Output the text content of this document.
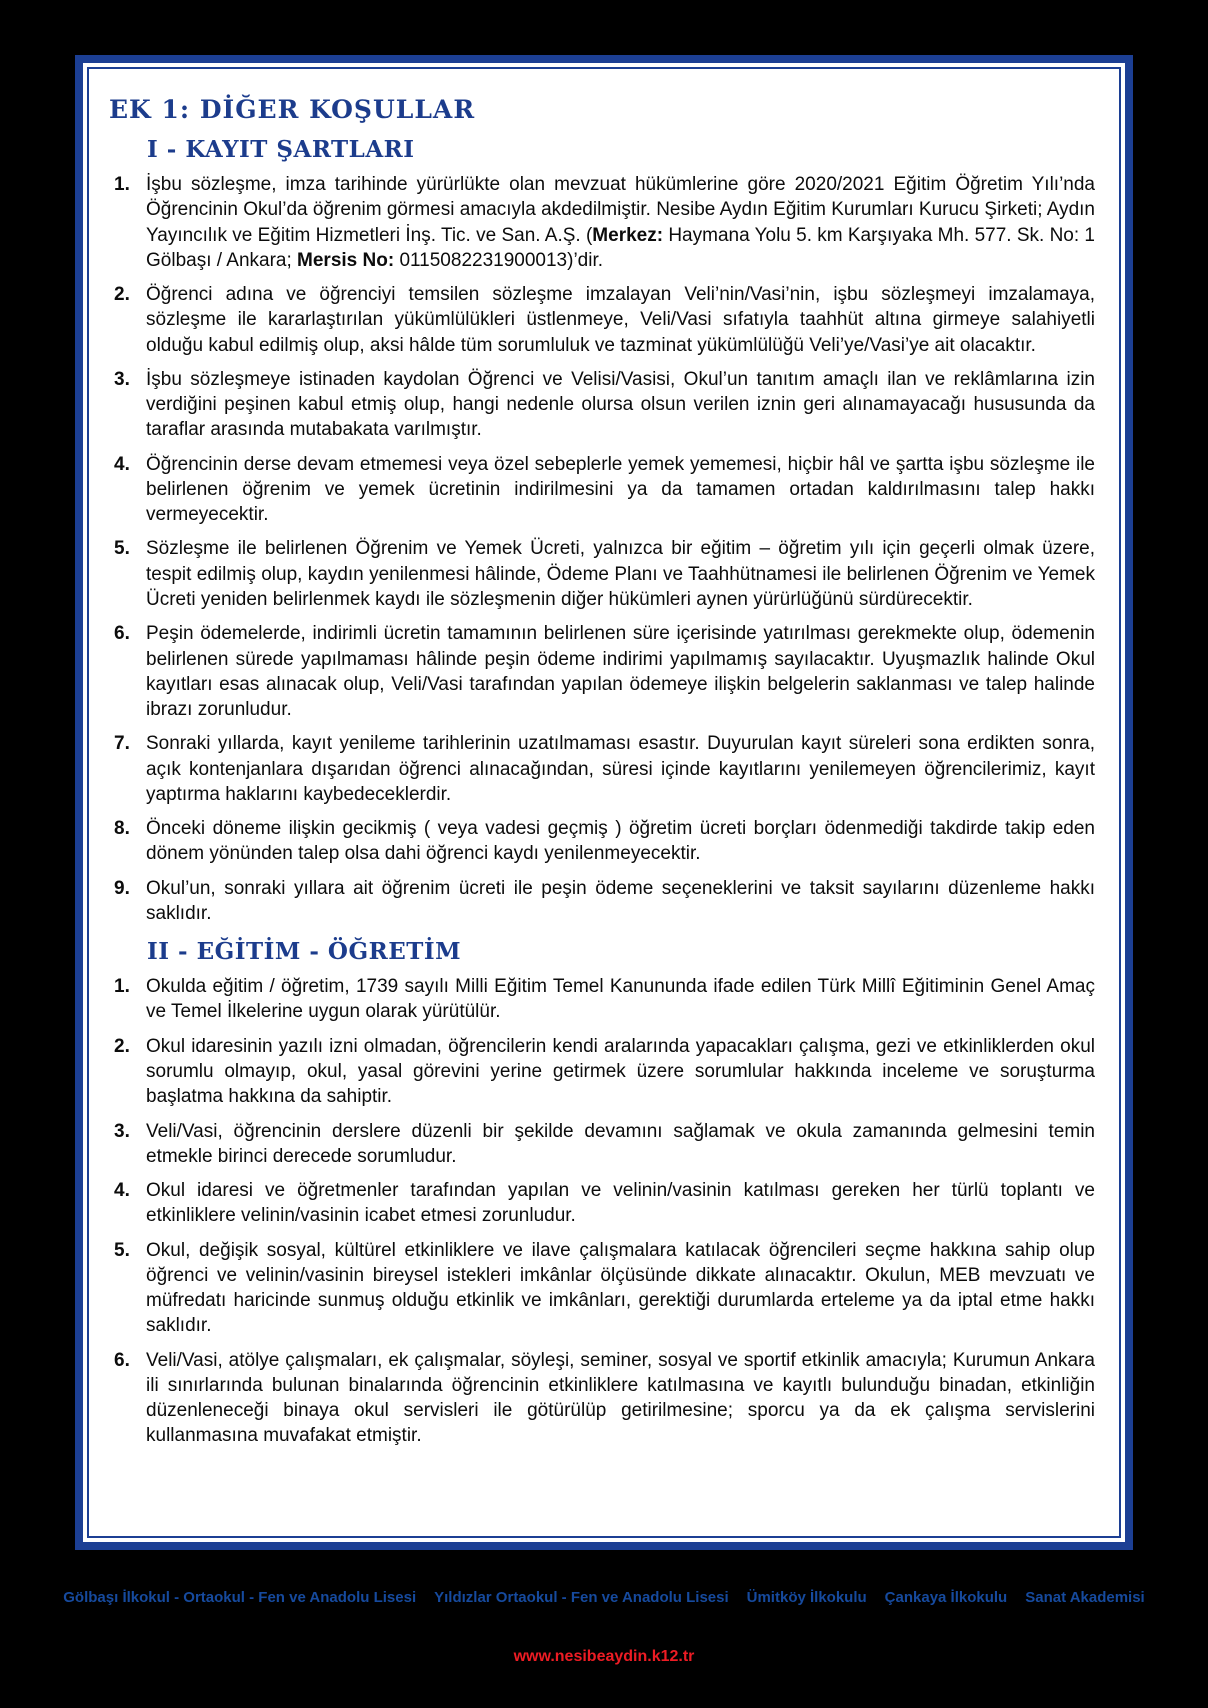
EK 1: DİĞER KOŞULLAR
I - KAYIT ŞARTLARI
1. İşbu sözleşme, imza tarihinde yürürlükte olan mevzuat hükümlerine göre 2020/2021 Eğitim Öğretim Yılı’nda Öğrencinin Okul’da öğrenim görmesi amacıyla akdedilmiştir. Nesibe Aydın Eğitim Kurumları Kurucu Şirketi; Aydın Yayıncılık ve Eğitim Hizmetleri İnş. Tic. ve San. A.Ş. (Merkez: Haymana Yolu 5. km Karşıyaka Mh. 577. Sk. No: 1 Gölbaşı / Ankara; Mersis No: 0115082231900013)’dir.
2. Öğrenci adına ve öğrenciyi temsilen sözleşme imzalayan Veli’nin/Vasi’nin, işbu sözleşmeyi imzalamaya, sözleşme ile kararlaştırılan yükümlülükleri üstlenmeye, Veli/Vasi sıfatıyla taahhüt altına girmeye salahiyetli olduğu kabul edilmiş olup, aksi hâlde tüm sorumluluk ve tazminat yükümlülüğü Veli’ye/Vasi’ye ait olacaktır.
3. İşbu sözleşmeye istinaden kaydolan Öğrenci ve Velisi/Vasisi, Okul’un tanıtım amaçlı ilan ve reklâmlarına izin verdiğini peşinen kabul etmiş olup, hangi nedenle olursa olsun verilen iznin geri alınamayacağı hususunda da taraflar arasında mutabakata varılmıştır.
4. Öğrencinin derse devam etmemesi veya özel sebeplerle yemek yememesi, hiçbir hâl ve şartta işbu sözleşme ile belirlenen öğrenim ve yemek ücretinin indirilmesini ya da tamamen ortadan kaldırılmasını talep hakkı vermeyecektir.
5. Sözleşme ile belirlenen Öğrenim ve Yemek Ücreti, yalnızca bir eğitim – öğretim yılı için geçerli olmak üzere, tespit edilmiş olup, kaydın yenilenmesi hâlinde, Ödeme Planı ve Taahhütnamesi ile belirlenen Öğrenim ve Yemek Ücreti yeniden belirlenmek kaydı ile sözleşmenin diğer hükümleri aynen yürürlüğünü sürdürecektir.
6. Peşin ödemelerde, indirimli ücretin tamamının belirlenen süre içerisinde yatırılması gerekmekte olup, ödemenin belirlenen sürede yapılmaması hâlinde peşin ödeme indirimi yapılmamış sayılacaktır. Uyuşmazlık halinde Okul kayıtları esas alınacak olup, Veli/Vasi tarafından yapılan ödemeye ilişkin belgelerin saklanması ve talep halinde ibrazı zorunludur.
7. Sonraki yıllarda, kayıt yenileme tarihlerinin uzatılmaması esastır. Duyurulan kayıt süreleri sona erdikten sonra, açık kontenjanlara dışarıdan öğrenci alınacağından, süresi içinde kayıtlarını yenilemeyen öğrencilerimiz, kayıt yaptırma haklarını kaybedeceklerdir.
8. Önceki döneme ilişkin gecikmiş ( veya vadesi geçmiş ) öğretim ücreti borçları ödenmediği takdirde takip eden dönem yönünden talep olsa dahi öğrenci kaydı yenilenmeyecektir.
9. Okul’un, sonraki yıllara ait öğrenim ücreti ile peşin ödeme seçeneklerini ve taksit sayılarını düzenleme hakkı saklıdır.
II - EĞİTİM - ÖĞRETİM
1. Okulda eğitim / öğretim, 1739 sayılı Milli Eğitim Temel Kanununda ifade edilen Türk Millî Eğitiminin Genel Amaç ve Temel İlkelerine uygun olarak yürütülür.
2. Okul idaresinin yazılı izni olmadan, öğrencilerin kendi aralarında yapacakları çalışma, gezi ve etkinliklerden okul sorumlu olmayıp, okul, yasal görevini yerine getirmek üzere sorumlular hakkında inceleme ve soruşturma başlatma hakkına da sahiptir.
3. Veli/Vasi, öğrencinin derslere düzenli bir şekilde devamını sağlamak ve okula zamanında gelmesini temin etmekle birinci derecede sorumludur.
4. Okul idaresi ve öğretmenler tarafından yapılan ve velinin/vasinin katılması gereken her türlü toplantı ve etkinliklere velinin/vasinin icabet etmesi zorunludur.
5. Okul, değişik sosyal, kültürel etkinliklere ve ilave çalışmalara katılacak öğrencileri seçme hakkına sahip olup öğrenci ve velinin/vasinin bireysel istekleri imkânlar ölçüsünde dikkate alınacaktır. Okulun, MEB mevzuatı ve müfredatı haricinde sunmuş olduğu etkinlik ve imkânları, gerektiği durumlarda erteleme ya da iptal etme hakkı saklıdır.
6. Veli/Vasi, atölye çalışmaları, ek çalışmalar, söyleşi, seminer, sosyal ve sportif etkinlik amacıyla; Kurumun Ankara ili sınırlarında bulunan binalarında öğrencinin etkinliklere katılmasına ve kayıtlı bulunduğu binadan, etkinliğin düzenleneceği binaya okul servisleri ile götürülüp getirilmesine; sporcu ya da ek çalışma servislerini kullanmasına muvafakat etmiştir.
Gölbaşı İlkokul - Ortaokul - Fen ve Anadolu Lisesi Yıldızlar Ortaokul - Fen ve Anadolu Lisesi Ümitköy İlkokulu Çankaya İlkokulu Sanat Akademisi
www.nesibeaydin.k12.tr
